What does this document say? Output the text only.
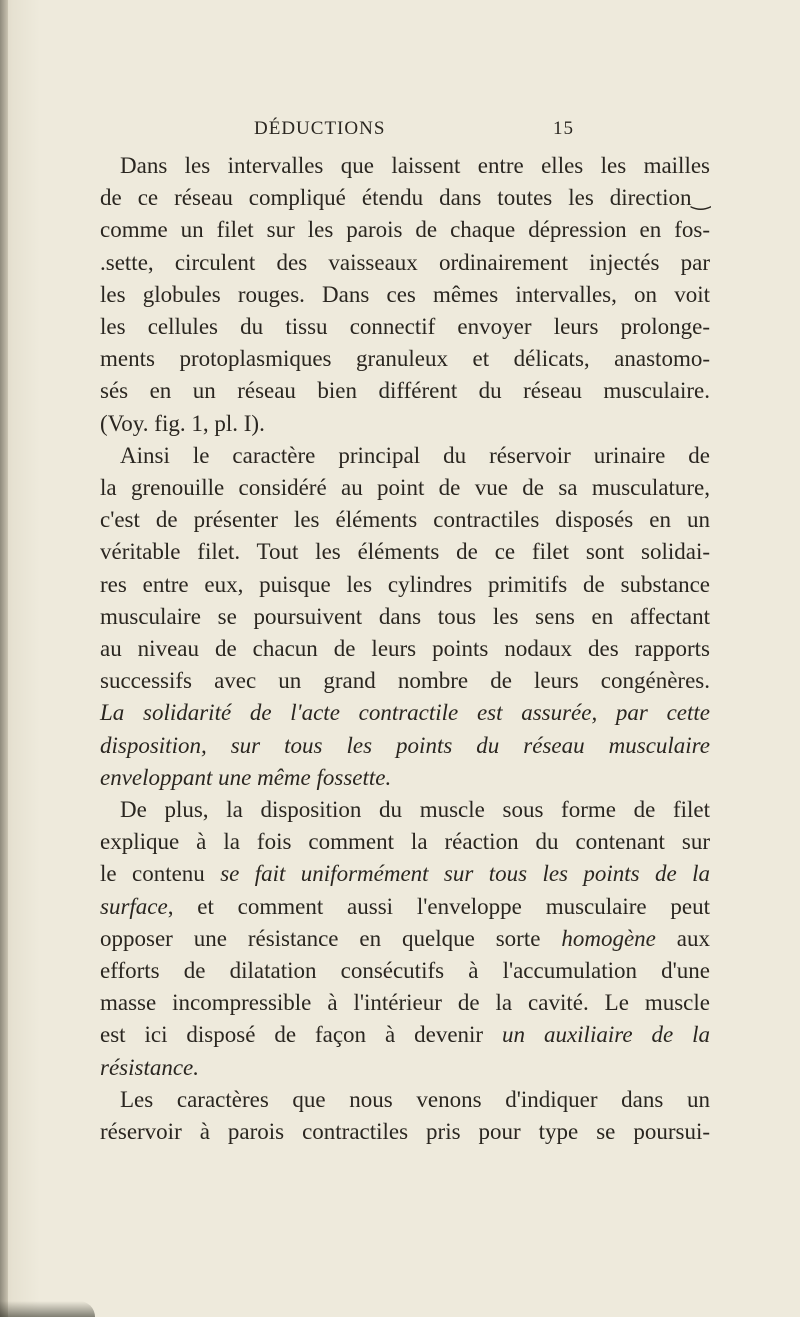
DÉDUCTIONS	15
Dans les intervalles que laissent entre elles les mailles
de ce réseau compliqué étendu dans toutes les direction‿
comme un filet sur les parois de chaque dépression en fos-
.sette, circulent des vaisseaux ordinairement injectés par
les globules rouges. Dans ces mêmes intervalles, on voit
les cellules du tissu connectif envoyer leurs prolonge-
ments protoplasmiques granuleux et délicats, anastomo-
sés en un réseau bien différent du réseau musculaire.
(Voy. fig. 1, pl. I).
Ainsi le caractère principal du réservoir urinaire de
la grenouille considéré au point de vue de sa musculature,
c'est de présenter les éléments contractiles disposés en un
véritable filet. Tout les éléments de ce filet sont solidai-
res entre eux, puisque les cylindres primitifs de substance
musculaire se poursuivent dans tous les sens en affectant
au niveau de chacun de leurs points nodaux des rapports
successifs avec un grand nombre de leurs congénères.
La solidarité de l'acte contractile est assurée, par cette
disposition, sur tous les points du réseau musculaire
enveloppant une même fossette.
De plus, la disposition du muscle sous forme de filet
explique à la fois comment la réaction du contenant sur
le contenu se fait uniformément sur tous les points de la
surface, et comment aussi l'enveloppe musculaire peut
opposer une résistance en quelque sorte homogène aux
efforts de dilatation consécutifs à l'accumulation d'une
masse incompressible à l'intérieur de la cavité. Le muscle
est ici disposé de façon à devenir un auxiliaire de la
résistance.
Les caractères que nous venons d'indiquer dans un
réservoir à parois contractiles pris pour type se poursui-
